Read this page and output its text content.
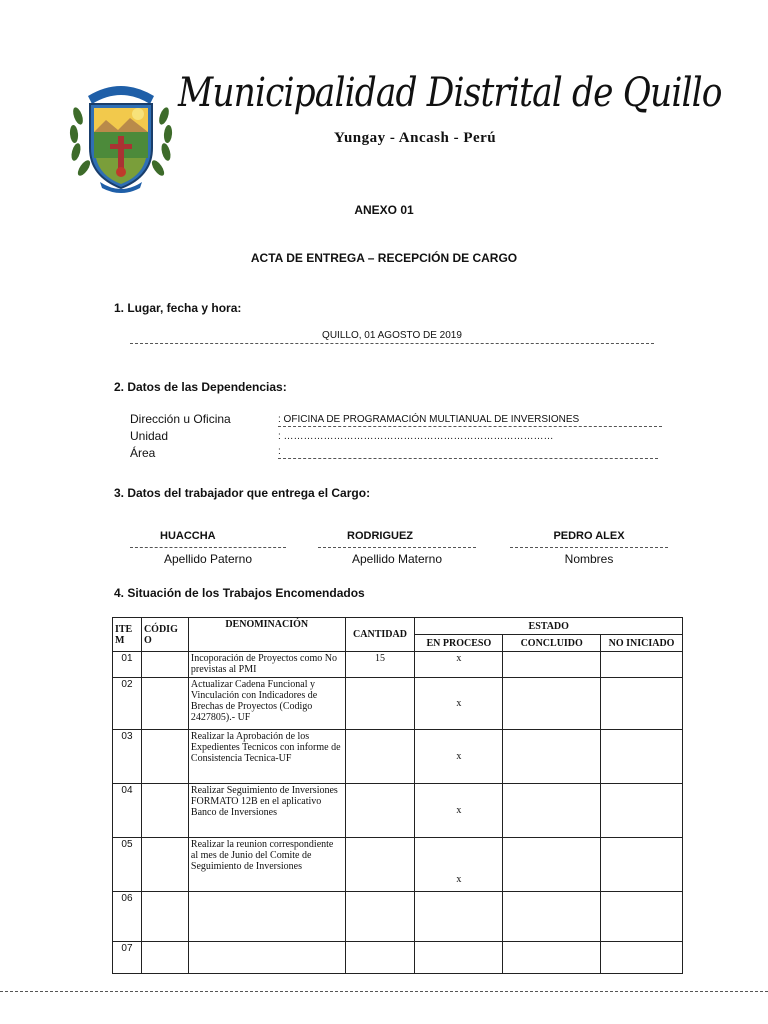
Municipalidad Distrital de Quillo
Yungay - Ancash - Perú
ANEXO 01
ACTA DE ENTREGA – RECEPCIÓN DE CARGO
1. Lugar, fecha y hora:
QUILLO, 01 AGOSTO DE 2019
2. Datos de las Dependencias:
Dirección u Oficina	: OFICINA DE PROGRAMACIÓN MULTIANUAL DE INVERSIONES
Unidad	: ………………………………………………………………………
Área	:
3. Datos del trabajador que entrega el Cargo:
HUACCHA
Apellido Paterno
RODRIGUEZ
Apellido Materno
PEDRO ALEX
Nombres
4. Situación de los Trabajos Encomendados
ITE M	CÓDIG O	DENOMINACIÓN	CANTIDAD	ESTADO		
				EN PROCESO	CONCLUIDO	NO INICIADO
01		Incoporación de Proyectos como No previstas al PMI	15	x		
02		Actualizar Cadena Funcional y Vinculación con Indicadores de Brechas de Proyectos (Codigo 2427805).- UF		x		
03		Realizar la Aprobación de los Expedientes Tecnicos con informe de Consistencia Tecnica-UF		x		
04		Realizar Seguimiento de Inversiones FORMATO 12B en el aplicativo Banco de Inversiones		x		
05		Realizar la reunion correspondiente al mes de Junio del Comite de Seguimiento de Inversiones		x		
06						
07						
